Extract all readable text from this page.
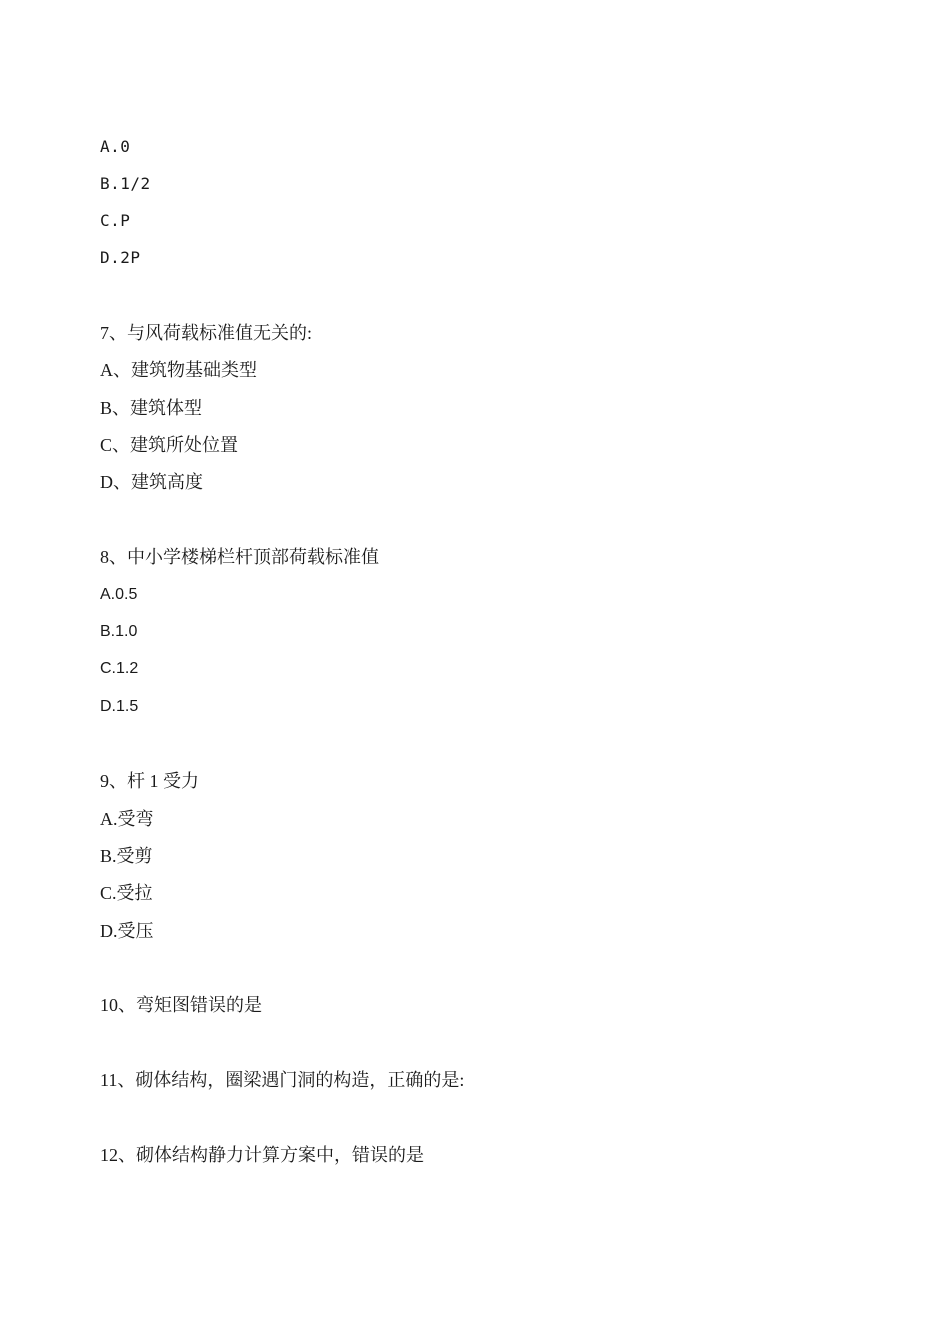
A.0
B.1/2
C.P
D.2P
7、与风荷载标准值无关的:
A、建筑物基础类型
B、建筑体型
C、建筑所处位置
D、建筑高度
8、中小学楼梯栏杆顶部荷载标准值
A.0.5
B.1.0
C.1.2
D.1.5
9、杆 1 受力
A.受弯
B.受剪
C.受拉
D.受压
10、弯矩图错误的是
11、砌体结构，圈梁遇门洞的构造，正确的是:
12、砌体结构静力计算方案中，错误的是
